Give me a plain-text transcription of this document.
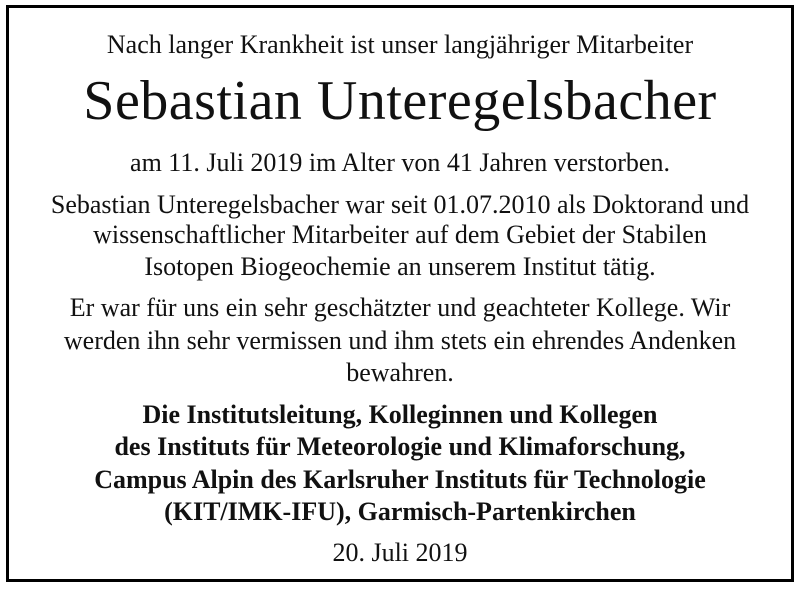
Nach langer Krankheit ist unser langjähriger Mitarbeiter
Sebastian Unteregelsbacher
am 11. Juli 2019 im Alter von 41 Jahren verstorben.
Sebastian Unteregelsbacher war seit 01.07.2010 als Doktorand und
wissenschaftlicher Mitarbeiter auf dem Gebiet der Stabilen
Isotopen Biogeochemie an unserem Institut tätig.
Er war für uns ein sehr geschätzter und geachteter Kollege. Wir
werden ihn sehr vermissen und ihm stets ein ehrendes Andenken
bewahren.
Die Institutsleitung, Kolleginnen und Kollegen
des Instituts für Meteorologie und Klimaforschung,
Campus Alpin des Karlsruher Instituts für Technologie
(KIT/IMK-IFU), Garmisch-Partenkirchen
20. Juli 2019
